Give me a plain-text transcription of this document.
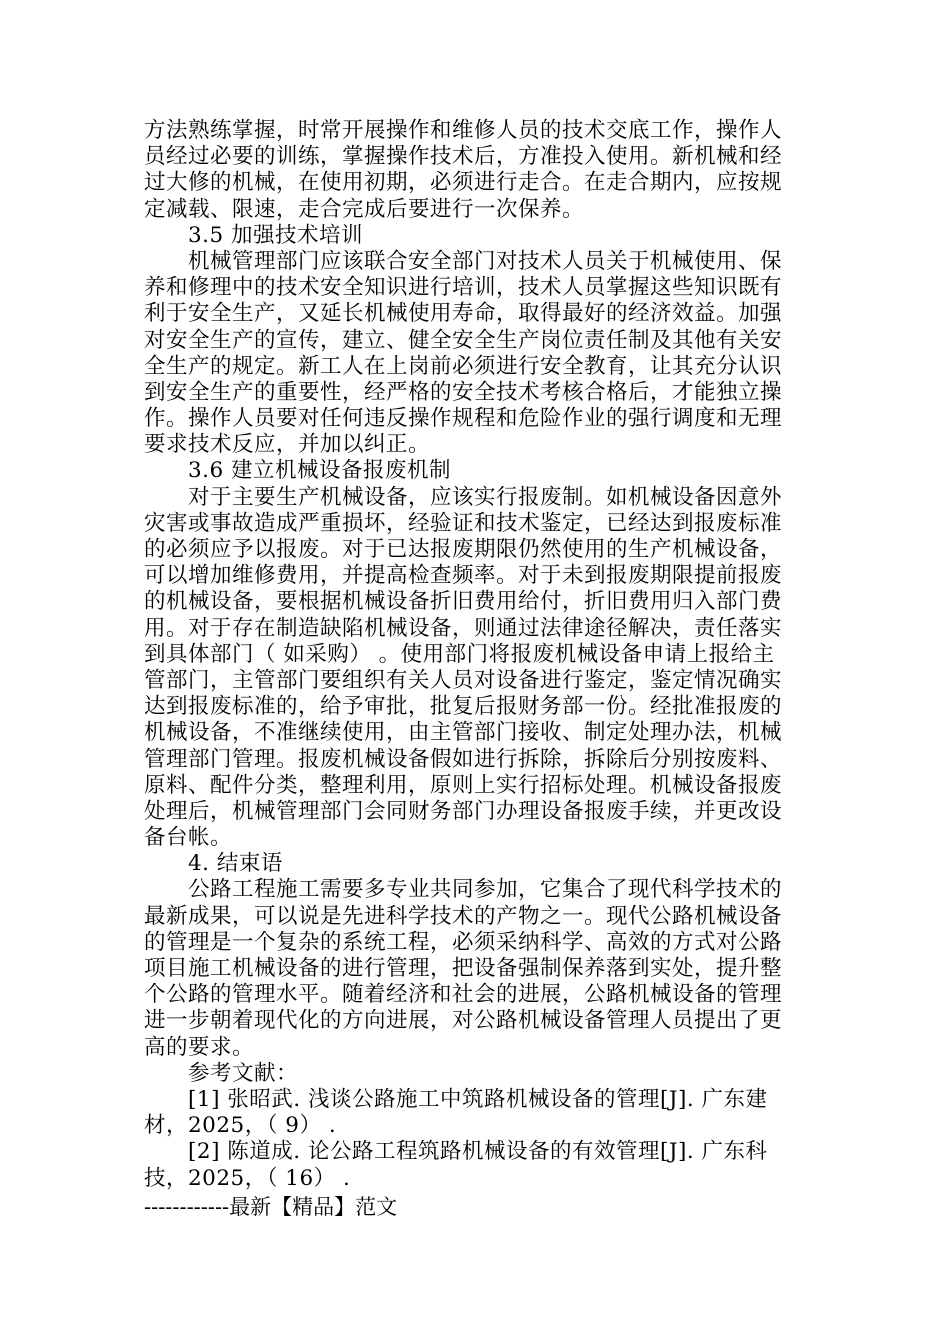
方法熟练掌握，时常开展操作和维修人员的技术交底工作，操作人
员经过必要的训练，掌握操作技术后，方准投入使用。新机械和经
过大修的机械，在使用初期，必须进行走合。在走合期内，应按规
定减载、限速，走合完成后要进行一次保养。
3.5 加强技术培训
机械管理部门应该联合安全部门对技术人员关于机械使用、保
养和修理中的技术安全知识进行培训，技术人员掌握这些知识既有
利于安全生产，又延长机械使用寿命，取得最好的经济效益。加强
对安全生产的宣传，建立、健全安全生产岗位责任制及其他有关安
全生产的规定。新工人在上岗前必须进行安全教育，让其充分认识
到安全生产的重要性，经严格的安全技术考核合格后，才能独立操
作。操作人员要对任何违反操作规程和危险作业的强行调度和无理
要求技术反应，并加以纠正。
3.6 建立机械设备报废机制
对于主要生产机械设备，应该实行报废制。如机械设备因意外
灾害或事故造成严重损坏，经验证和技术鉴定，已经达到报废标准
的必须应予以报废。对于已达报废期限仍然使用的生产机械设备，
可以增加维修费用，并提高检查频率。对于未到报废期限提前报废
的机械设备，要根据机械设备折旧费用给付，折旧费用归入部门费
用。对于存在制造缺陷机械设备，则通过法律途径解决，责任落实
到具体部门（ 如采购） 。使用部门将报废机械设备申请上报给主
管部门，主管部门要组织有关人员对设备进行鉴定，鉴定情况确实
达到报废标准的，给予审批，批复后报财务部一份。经批准报废的
机械设备，不准继续使用，由主管部门接收、制定处理办法，机械
管理部门管理。报废机械设备假如进行拆除，拆除后分别按废料、
原料、配件分类，整理利用，原则上实行招标处理。机械设备报废
处理后，机械管理部门会同财务部门办理设备报废手续，并更改设
备台帐。
4. 结束语
公路工程施工需要多专业共同参加，它集合了现代科学技术的
最新成果，可以说是先进科学技术的产物之一。现代公路机械设备
的管理是一个复杂的系统工程，必须采纳科学、高效的方式对公路
项目施工机械设备的进行管理，把设备强制保养落到实处，提升整
个公路的管理水平。随着经济和社会的进展，公路机械设备的管理
进一步朝着现代化的方向进展，对公路机械设备管理人员提出了更
高的要求。
参考文献：
[1] 张昭武. 浅谈公路施工中筑路机械设备的管理[J]. 广东建
材，2025，（ 9） .
[2] 陈道成. 论公路工程筑路机械设备的有效管理[J]. 广东科
技，2025，（ 16） .
------------最新【精品】范文
